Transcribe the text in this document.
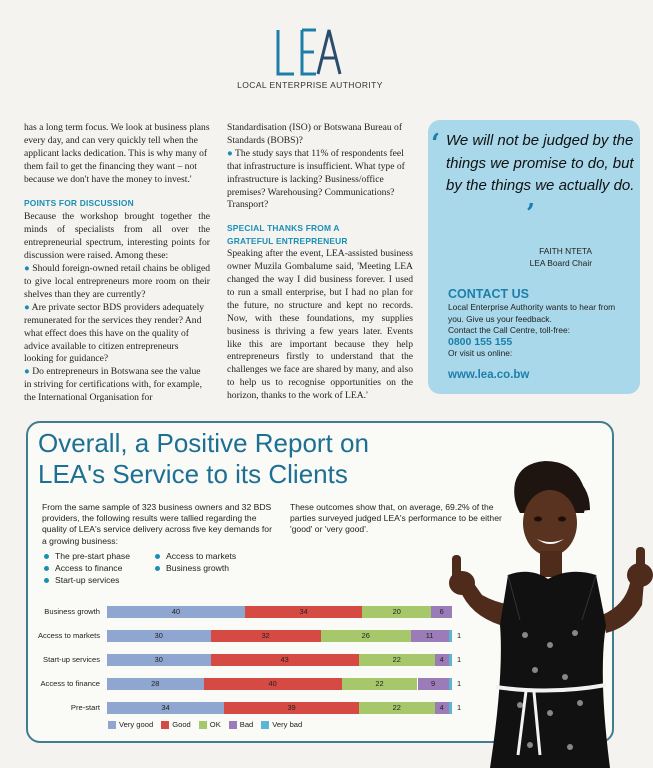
LOCAL ENTERPRISE AUTHORITY

has a long term focus. We look at business plans every day, and can very quickly tell when the applicant lacks dedication. This is why many of them fail to get the financing they want – not because we don't have the money to invest.'

POINTS FOR DISCUSSION

Because the workshop brought together the minds of specialists from all over the entrepreneurial spectrum, interesting points for discussion were raised. Among these:

● Should foreign-owned retail chains be obliged to give local entrepreneurs more room on their shelves than they are currently?

● Are private sector BDS providers adequately remunerated for the services they render? And what effect does this have on the quality of advice available to citizen entrepreneurs looking for guidance?

● Do entrepreneurs in Botswana see the value in striving for certifications with, for example, the International Organisation for

Standardisation (ISO) or Botswana Bureau of Standards (BOBS)?

● The study says that 11% of respondents feel that infrastructure is insufficient. What type of infrastructure is lacking? Business/office premises? Warehousing? Communications? Transport?

SPECIAL THANKS FROM A

GRATEFUL ENTREPRENEUR

Speaking after the event, LEA-assisted business owner Muzila Gombalume said, 'Meeting LEA changed the way I did business forever. I used to run a small enterprise, but I had no plan for the future, no structure and kept no records. Now, with these foundations, my supplies business is thriving a few years later. Events like this are important because they help entrepreneurs firstly to understand that the challenges we face are shared by many, and also to help us to recognise opportunities on the horizon, thanks to the work of LEA.'

‘ We will not be judged by the things we promise to do, but by the things we actually do.
’
FAITH NTETA
LEA Board Chair
CONTACT US
Local Enterprise Authority wants to hear from you. Give us your feedback.
Contact the Call Centre, toll-free:
0800 155 155
Or visit us online:
www.lea.co.bw
Overall, a Positive Report on
LEA's Service to its Clients
From the same sample of 323 business owners and 32 BDS providers, the following results were tallied regarding the quality of LEA's service delivery across five key demands for a growing business:
These outcomes show that, on average, 69.2% of the parties surveyed judged LEA's performance to be either 'good' or 'very good'.
The pre-start phase
Access to finance
Start-up services
Access to markets
Business growth
Business growth	40	34	20	6
Access to markets	30	32	26	11	1
Start-up services	30	43	22	4	1
Access to finance	28	40	22	9	1
Pre-start	34	39	22	4	1
Very good	Good	OK	Bad	Very bad
